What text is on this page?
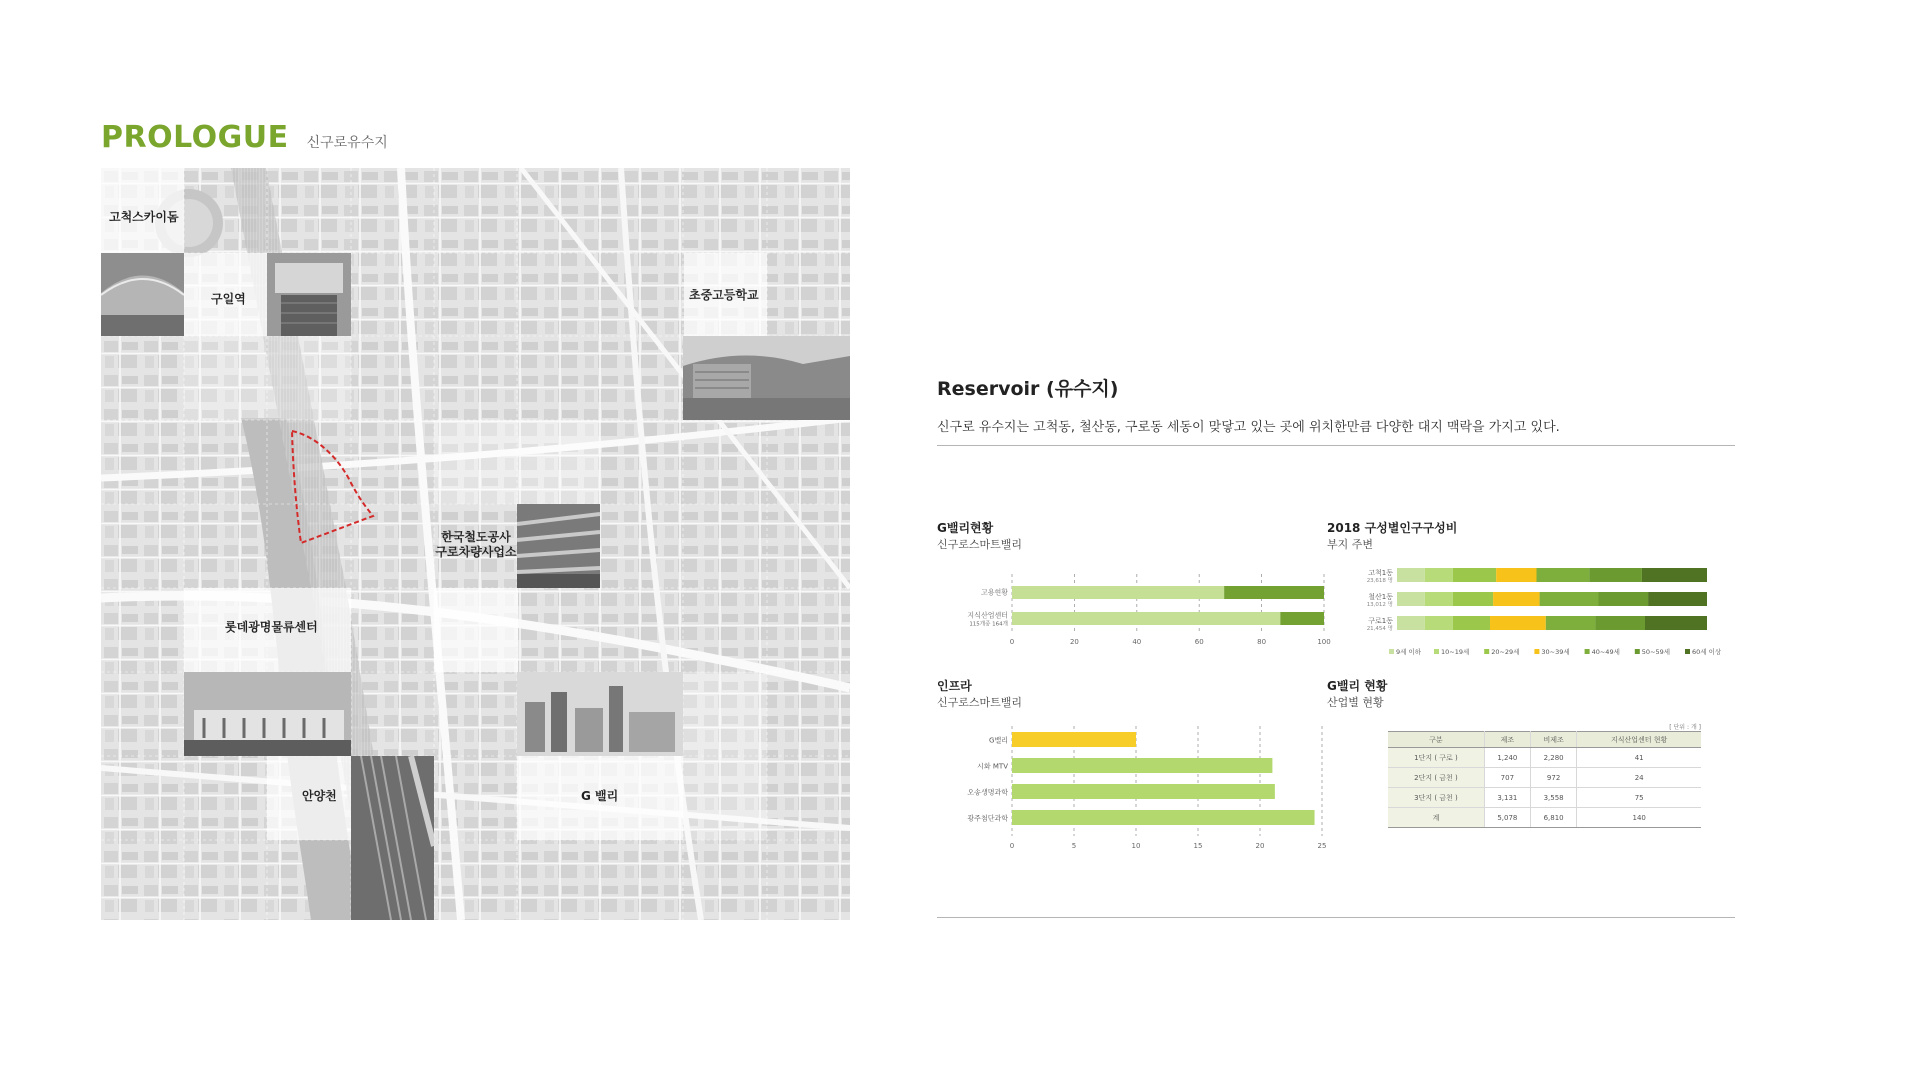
PROLOGUE 신구로유수지
고척스카이돔
구일역	초중고등학교
한국철도공사
구로차량사업소
롯데광명물류센터
안양천	G 밸리
Reservoir (유수지)
신구로 유수지는 고척동, 철산동, 구로동 세동이 맞닿고 있는 곳에 위치한만큼 다양한 대지 맥락을 가지고 있다.
G밸리현황
신구로스마트밸리
0	20	40	60	80	100
고용현황
지식산업센터
115개중 164개
2018 구성별인구구성비
부지 주변
고척1동
23,618 명
철산1동
13,012 명
구로1동
21,454 명
9세 이하	10~19세	20~29세	30~39세	40~49세	50~59세	60세 이상
인프라
신구로스마트밸리
0	5	10	15	20	25
G밸리
시화 MTV
오송생명과학
광주첨단과학
G밸리 현황
산업별 현황
[ 단위 : 개 ]
구분	제조	비제조	지식산업센터 현황
1단지 ( 구로 )	1,240	2,280	41
2단지 ( 금천 )	707	972	24
3단지 ( 금천 )	3,131	3,558	75
계	5,078	6,810	140
